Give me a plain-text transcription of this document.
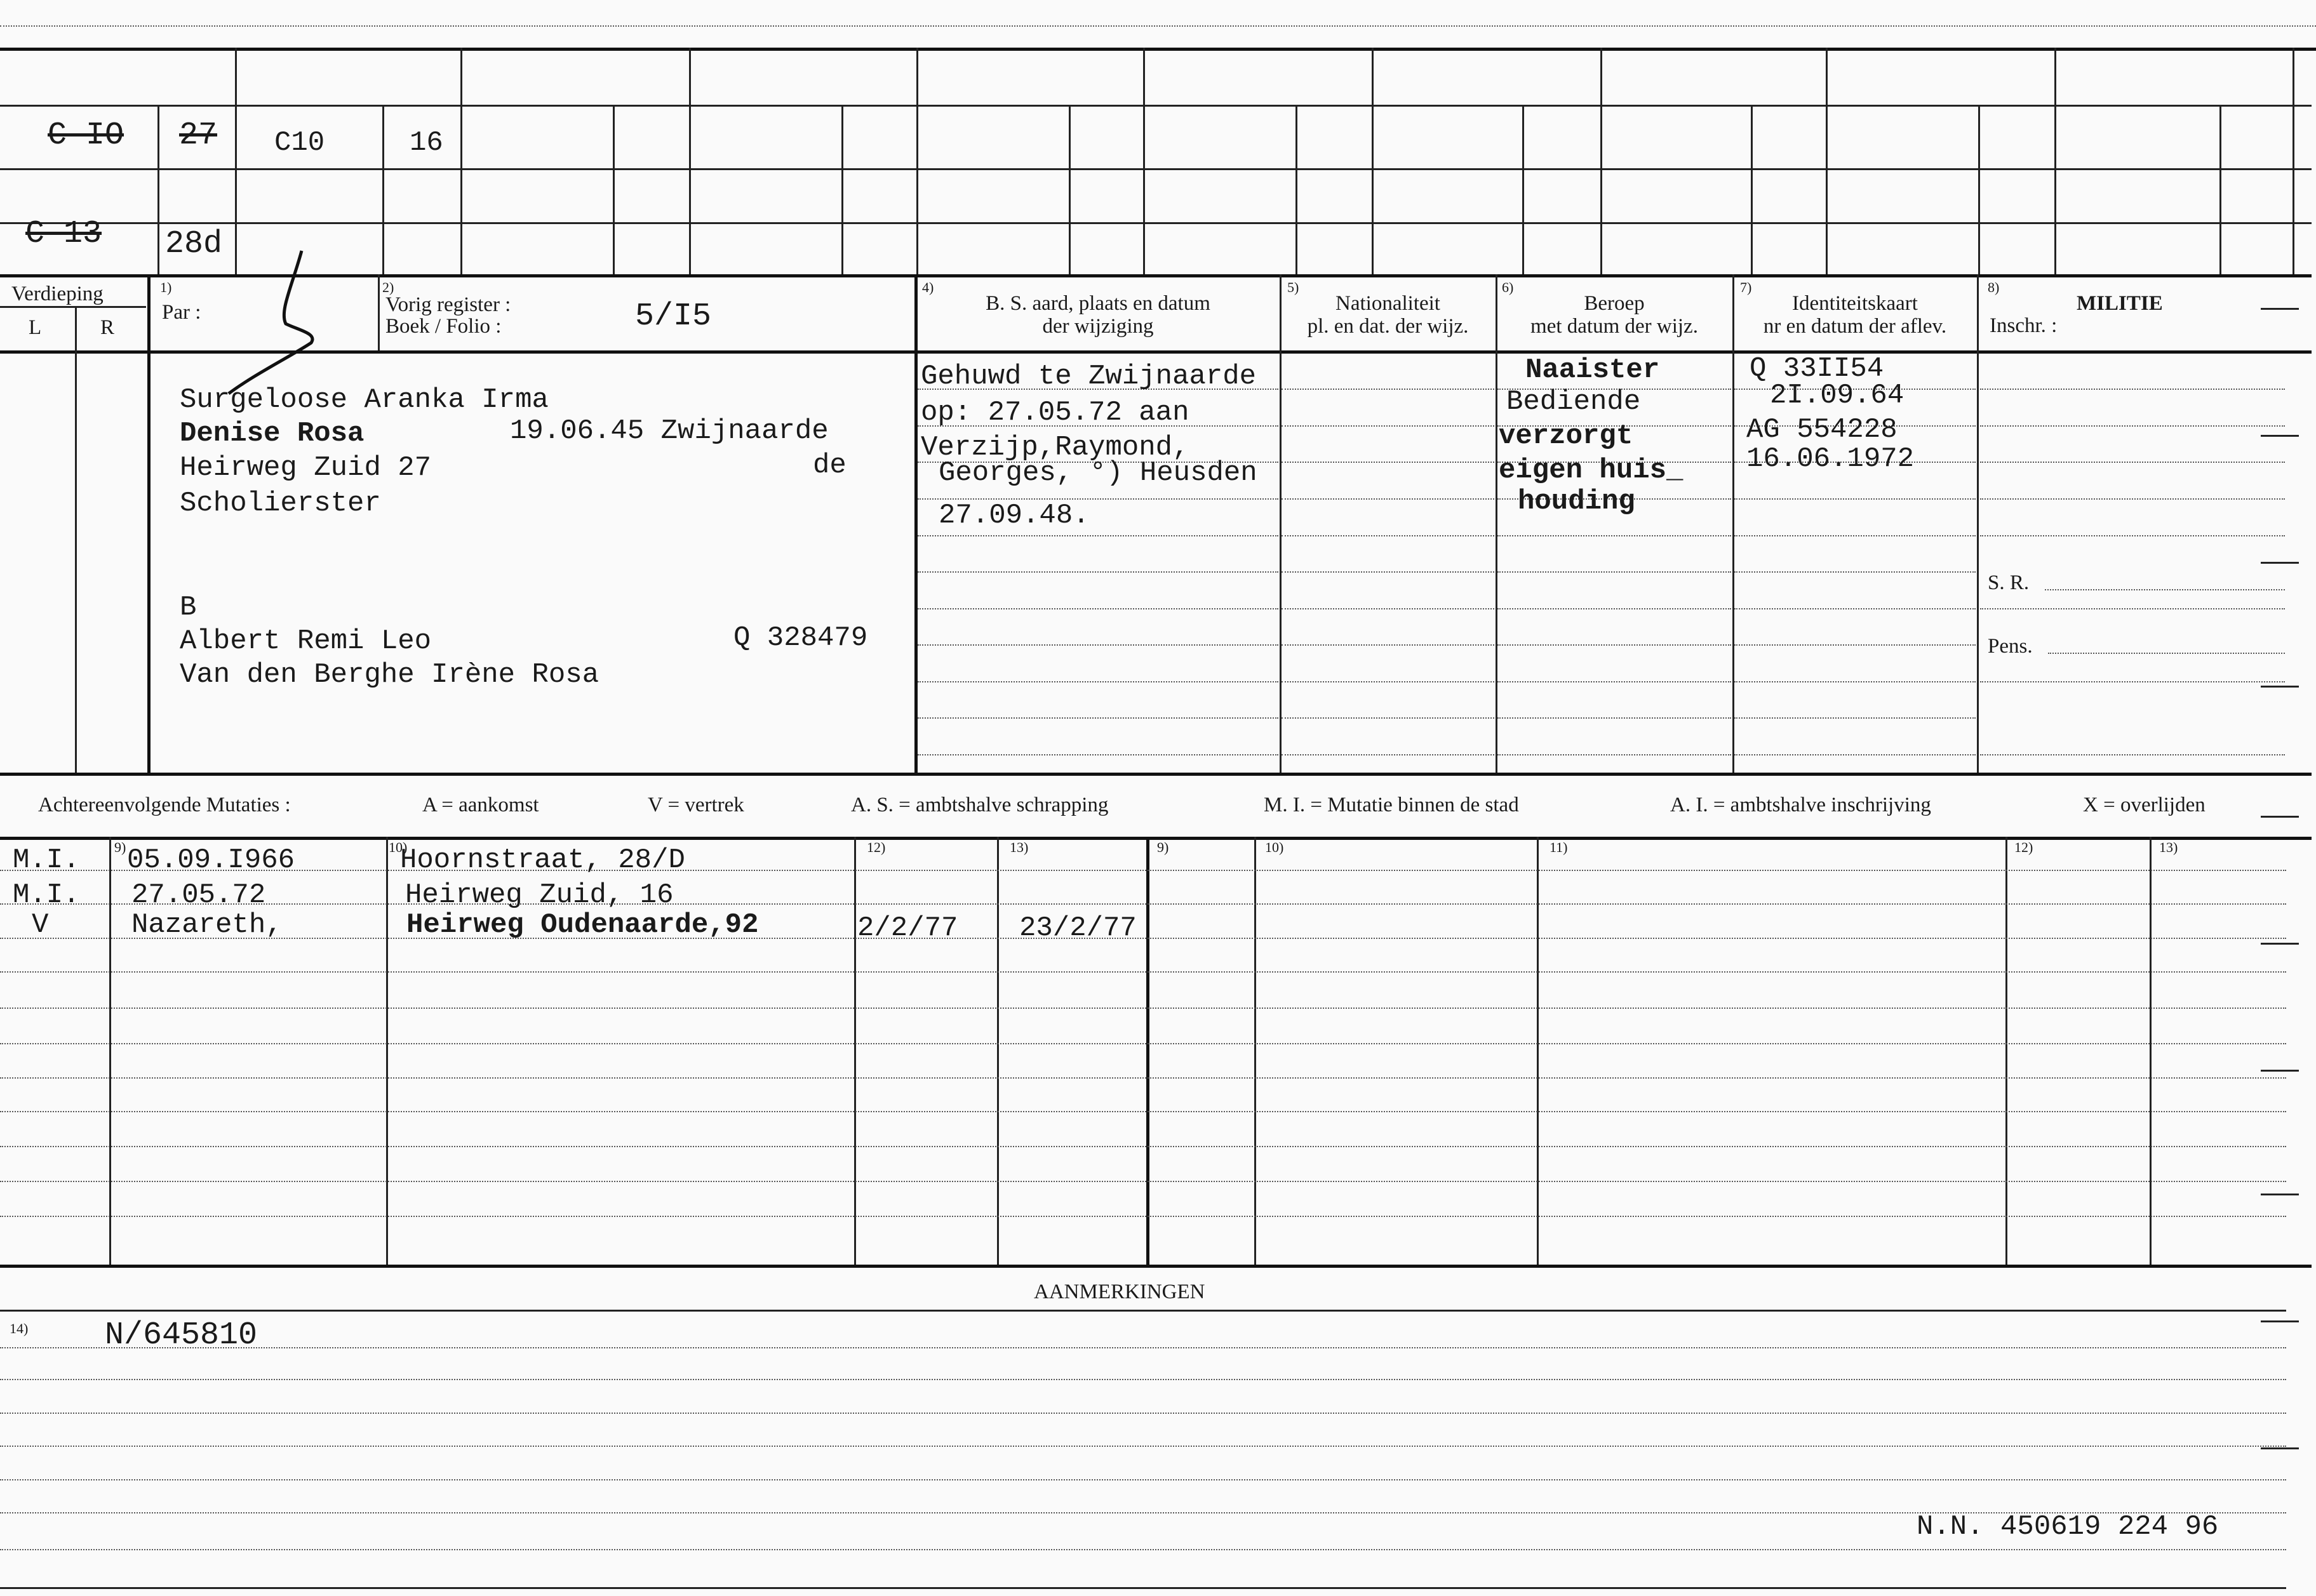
C-IO 27 C10	16
C 13 28d
Verdieping
L	R
1)
Par :
2)
Vorig register :
Boek / Folio :	5/I5
4)
B. S. aard, plaats en datum
der wijziging
5)
Nationaliteit
pl. en dat. der wijz.
6)
Beroep
met datum der wijz.
7)
Identiteitskaart
nr en datum der aflev.
8)
MILITIE
Inschr. :
Surgeloose Aranka Irma
Denise Rosa	19.06.45 Zwijnaarde
Heirweg Zuid 27	de
Scholierster
B
Albert Remi Leo	Q 328479
Van den Berghe Irène Rosa
Gehuwd te Zwijnaarde
op: 27.05.72 aan
Verzijp,Raymond,
Georges, °) Heusden
27.09.48.
Naaister
Bediende
verzorgt
eigen huis_
houding
Q 33II54
2I.09.64
AG 554228
16.06.1972
S. R.
Pens.
Achtereenvolgende Mutaties :	A = aankomst	V = vertrek	A. S. = ambtshalve schrapping	M. I. = Mutatie binnen de stad	A. I. = ambtshalve inschrijving	X = overlijden
9)	10)	12)	13)	9)	10)	11)	12)	13)
M.I. 05.09.I966	Hoornstraat, 28/D
M.I. 27.05.72	Heirweg Zuid, 16
V	Nazareth,	Heirweg Oudenaarde,92	2/2/77 23/2/77
AANMERKINGEN
14) N/645810
N.N. 450619 224 96
